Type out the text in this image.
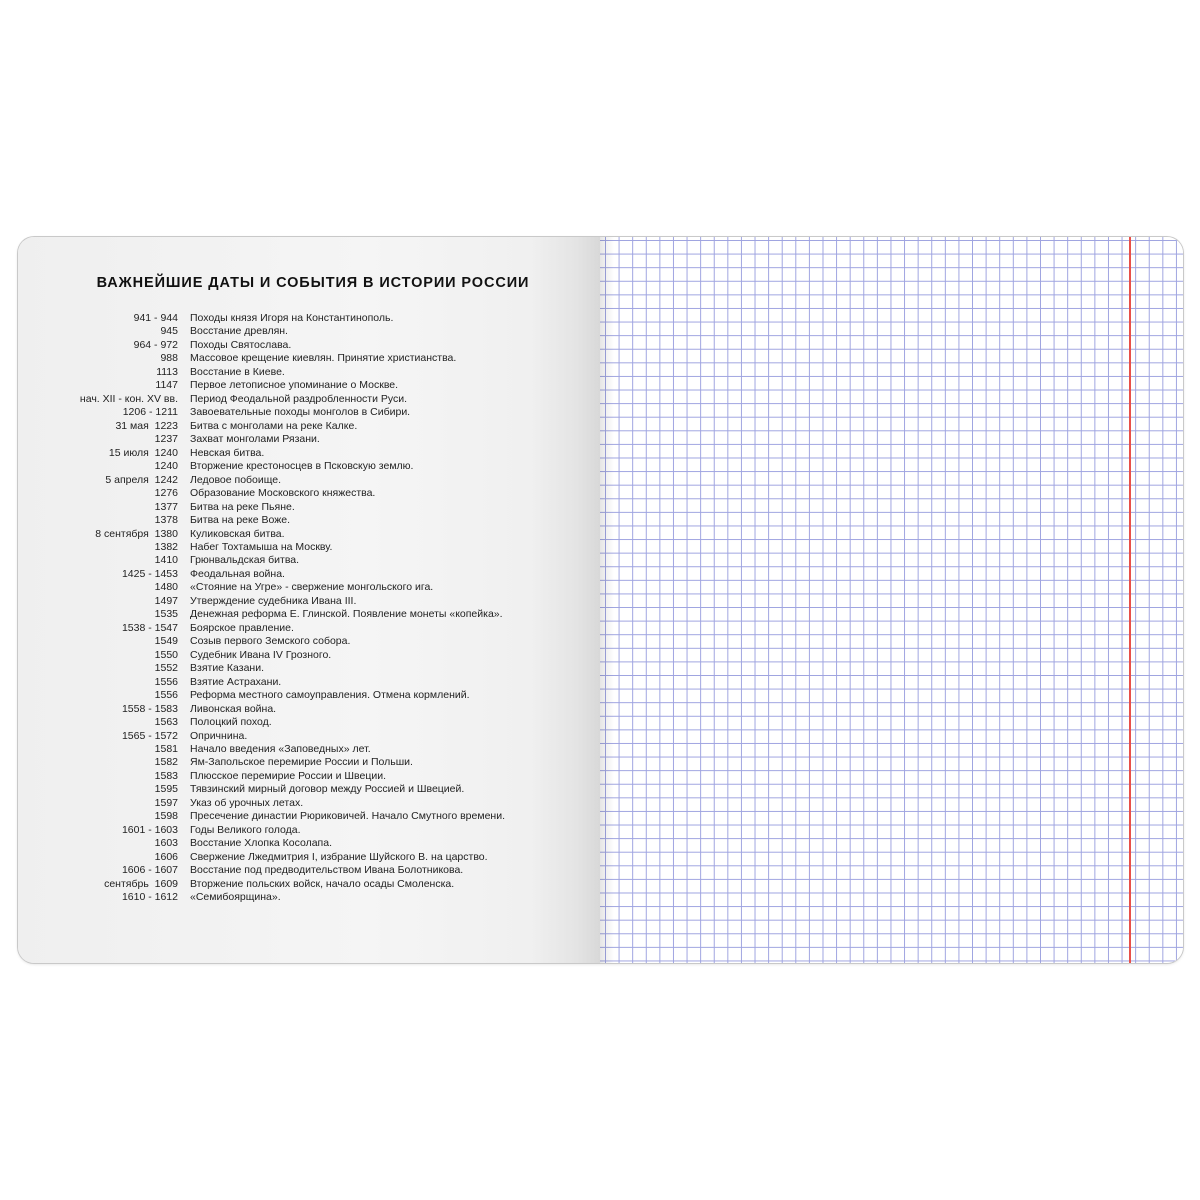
ВАЖНЕЙШИЕ ДАТЫ И СОБЫТИЯ В ИСТОРИИ РОССИИ
941 - 944	Походы князя Игоря на Константинополь.
945	Восстание древлян.
964 - 972	Походы Святослава.
988	Массовое крещение киевлян. Принятие христианства.
1113	Восстание в Киеве.
1147	Первое летописное упоминание о Москве.
нач. XII - кон. XV вв.	Период Феодальной раздробленности Руси.
1206 - 1211	Завоевательные походы монголов в Сибири.
31 мая  1223	Битва с монголами на реке Калке.
1237	Захват монголами Рязани.
15 июля  1240	Невская битва.
1240	Вторжение крестоносцев в Псковскую землю.
5 апреля  1242	Ледовое побоище.
1276	Образование Московского княжества.
1377	Битва на реке Пьяне.
1378	Битва на реке Воже.
8 сентября  1380	Куликовская битва.
1382	Набег Тохтамыша на Москву.
1410	Грюнвальдская битва.
1425 - 1453	Феодальная война.
1480	«Стояние на Угре» - свержение монгольского ига.
1497	Утверждение судебника Ивана III.
1535	Денежная реформа Е. Глинской. Появление монеты «копейка».
1538 - 1547	Боярское правление.
1549	Созыв первого Земского собора.
1550	Судебник Ивана IV Грозного.
1552	Взятие Казани.
1556	Взятие Астрахани.
1556	Реформа местного самоуправления. Отмена кормлений.
1558 - 1583	Ливонская война.
1563	Полоцкий поход.
1565 - 1572	Опричнина.
1581	Начало введения «Заповедных» лет.
1582	Ям-Запольское перемирие России и Польши.
1583	Плюсское перемирие России и Швеции.
1595	Тявзинский мирный договор между Россией и Швецией.
1597	Указ об урочных летах.
1598	Пресечение династии Рюриковичей. Начало Смутного времени.
1601 - 1603	Годы Великого голода.
1603	Восстание Хлопка Косолапа.
1606	Свержение Лжедмитрия I, избрание Шуйского В. на царство.
1606 - 1607	Восстание под предводительством Ивана Болотникова.
сентябрь  1609	Вторжение польских войск, начало осады Смоленска.
1610 - 1612	«Семибоярщина».
